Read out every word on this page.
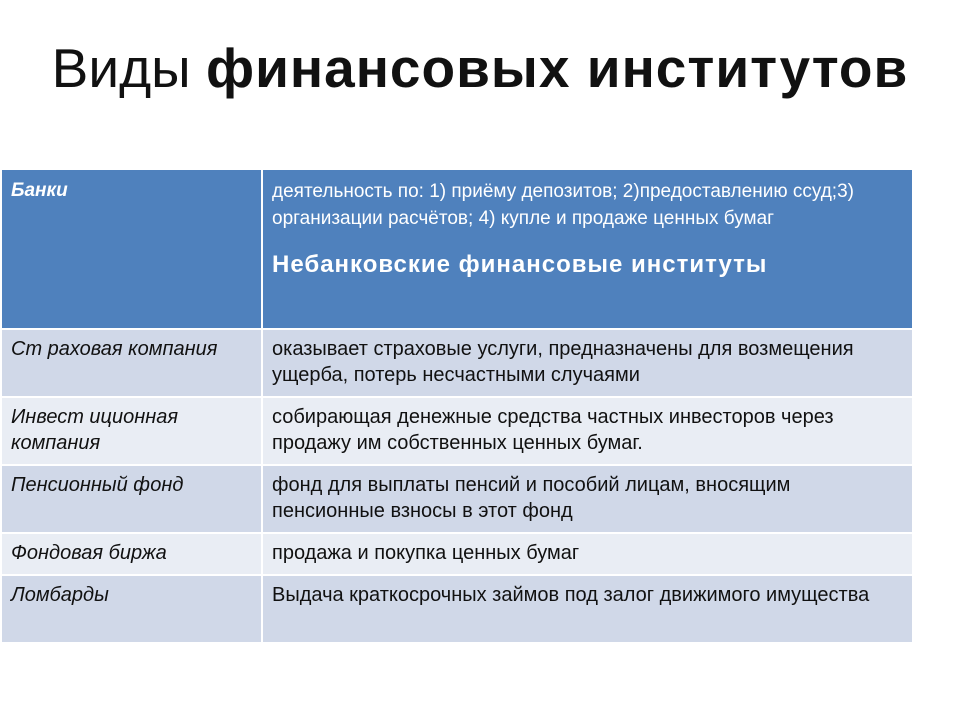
Виды финансовых институтов
Банки	деятельность по: 1) приёму депозитов; 2)предоставлению ссуд;3) организации расчётов; 4) купле и продаже ценных бумаг
Небанковские финансовые институты

Ст раховая компания	оказывает страховые услуги, предназначены для возмещения ущерба, потерь несчастными случаями
Инвест иционная компания	собирающая денежные средства частных инвесторов через продажу им собственных ценных бумаг.
Пенсионный фонд	фонд для выплаты пенсий и пособий лицам, вносящим пенсионные взносы в этот фонд
Фондовая биржа	продажа и покупка ценных бумаг
Ломбарды	Выдача краткосрочных займов под залог движимого имущества
